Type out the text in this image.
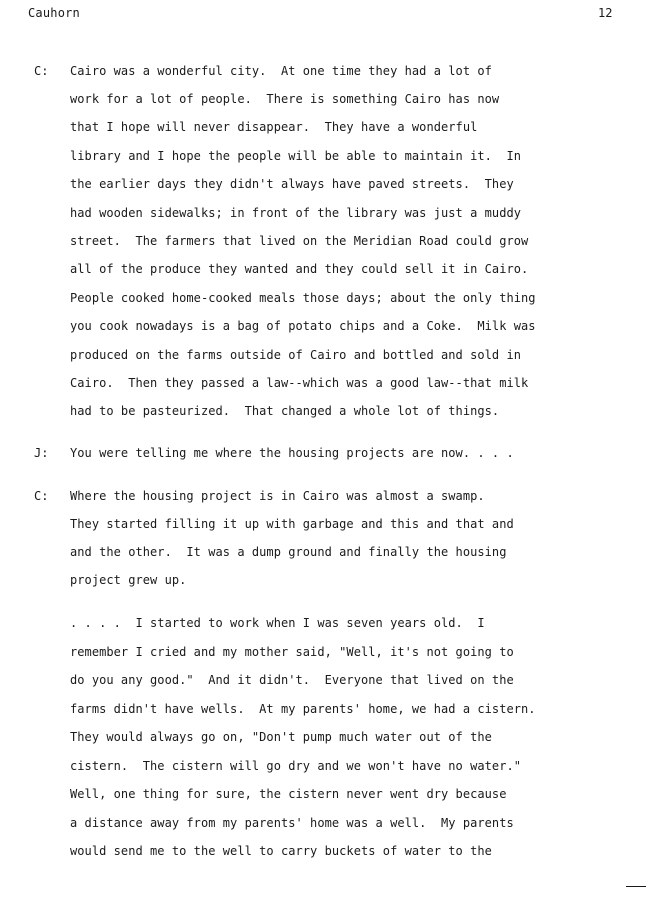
Cauhorn	12
C: Cairo was a wonderful city.  At one time they had a lot of
work for a lot of people.  There is something Cairo has now
that I hope will never disappear.  They have a wonderful
library and I hope the people will be able to maintain it.  In
the earlier days they didn't always have paved streets.  They
had wooden sidewalks; in front of the library was just a muddy
street.  The farmers that lived on the Meridian Road could grow
all of the produce they wanted and they could sell it in Cairo.
People cooked home-cooked meals those days; about the only thing
you cook nowadays is a bag of potato chips and a Coke.  Milk was
produced on the farms outside of Cairo and bottled and sold in
Cairo.  Then they passed a law--which was a good law--that milk
had to be pasteurized.  That changed a whole lot of things.
J: You were telling me where the housing projects are now. . . .
C: Where the housing project is in Cairo was almost a swamp.
They started filling it up with garbage and this and that and
and the other.  It was a dump ground and finally the housing
project grew up.
. . . .  I started to work when I was seven years old.  I
remember I cried and my mother said, "Well, it's not going to
do you any good."  And it didn't.  Everyone that lived on the
farms didn't have wells.  At my parents' home, we had a cistern.
They would always go on, "Don't pump much water out of the
cistern.  The cistern will go dry and we won't have no water."
Well, one thing for sure, the cistern never went dry because
a distance away from my parents' home was a well.  My parents
would send me to the well to carry buckets of water to the
